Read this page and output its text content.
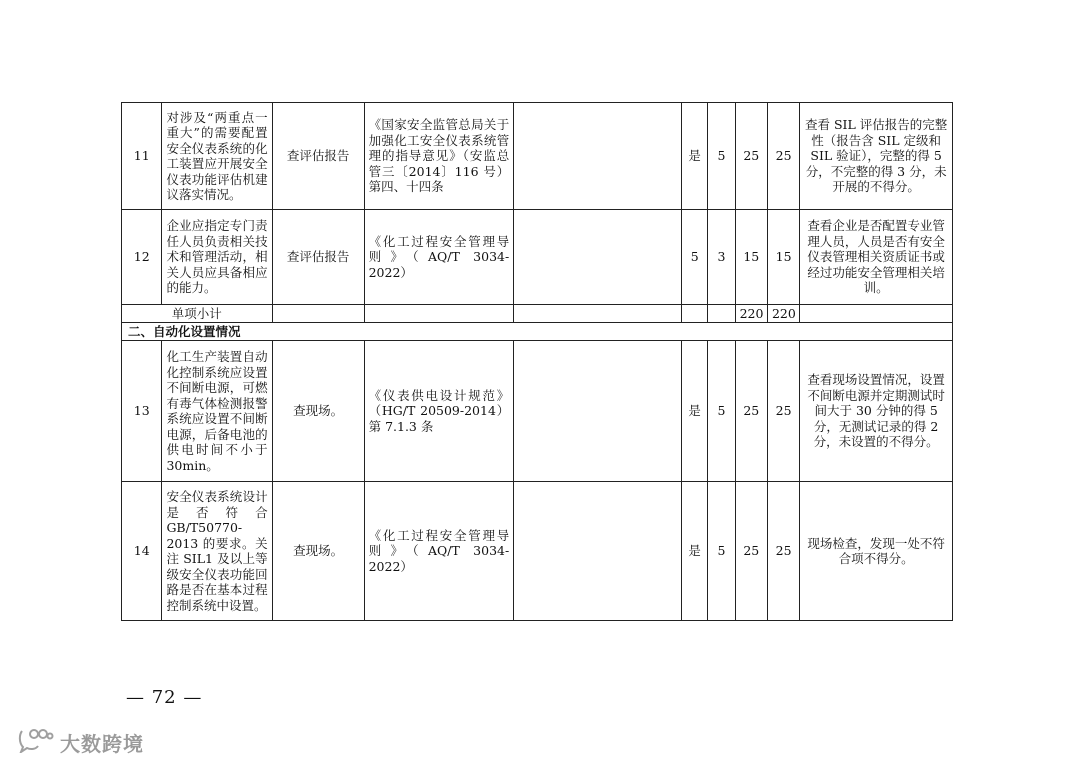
11	对涉及“两重点一重大”的需要配置安全仪表系统的化工装置应开展安全仪表功能评估机建议落实情况。	查评估报告	《国家安全监管总局关于加强化工安全仪表系统管理的指导意见》（安监总管三〔2014〕116 号）第四、十四条		是	5	25	25	查看 SIL 评估报告的完整性（报告含 SIL 定级和 SIL 验证），完整的得 5 分，不完整的得 3 分，未开展的不得分。
12	企业应指定专门责任人员负责相关技术和管理活动，相关人员应具备相应的能力。	查评估报告	《化工过程安全管理导则》（AQ/T 3034-2022）		5	3	15	15	查看企业是否配置专业管理人员，人员是否有安全仪表管理相关资质证书或经过功能安全管理相关培训。
单项小计							220	220	
二、自动化设置情况									
13	化工生产装置自动化控制系统应设置不间断电源，可燃有毒气体检测报警系统应设置不间断电源，后备电池的供电时间不小于 30min。	查现场。	《仪表供电设计规范》（HG/T 20509-2014）第 7.1.3 条		是	5	25	25	查看现场设置情况，设置不间断电源并定期测试时间大于 30 分钟的得 5 分，无测试记录的得 2 分，未设置的不得分。
14	安全仪表系统设计是否符合 GB/T50770-2013 的要求。关注 SIL1 及以上等级安全仪表功能回路是否在基本过程控制系统中设置。	查现场。	《化工过程安全管理导则》（AQ/T 3034-2022）		是	5	25	25	现场检查，发现一处不符合项不得分。
— 72 —
大数跨境
